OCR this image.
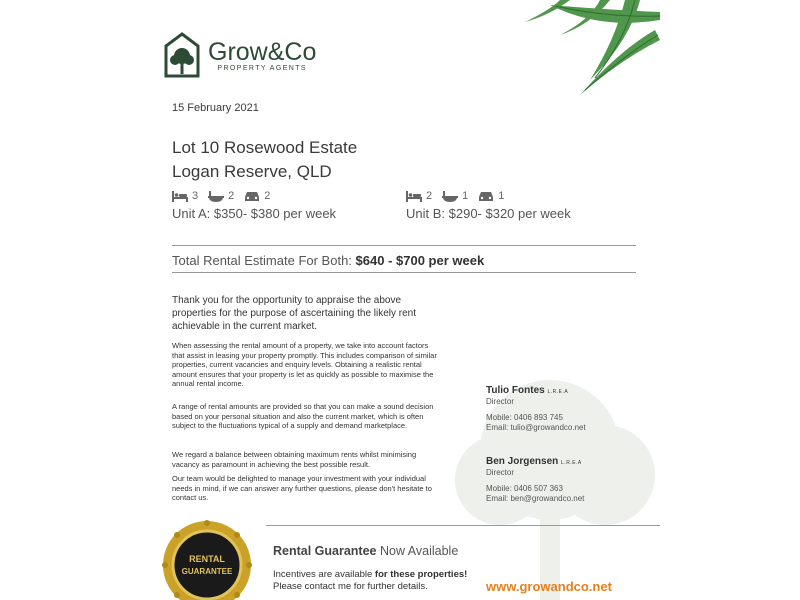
Grow&Co
PROPERTY AGENTS
15 February 2021
Lot 10 Rosewood Estate
Logan Reserve, QLD
3	2	2
Unit A: $350- $380 per week
2	1	1
Unit B: $290- $320 per week
Total Rental Estimate For Both: $640 - $700 per week
Thank you for the opportunity to appraise the above properties for the purpose of ascertaining the likely rent achievable in the current market.
When assessing the rental amount of a property, we take into account factors that assist in leasing your property promptly. This includes comparison of similar properties, current vacancies and enquiry levels. Obtaining a realistic rental amount ensures that your property is let as quickly as possible to maximise the annual rental income.
A range of rental amounts are provided so that you can make a sound decision based on your personal situation and also the current market, which is often subject to the fluctuations typical of a supply and demand marketplace.
We regard a balance between obtaining maximum rents whilst minimising vacancy as paramount in achieving the best possible result.
Our team would be delighted to manage your investment with your individual needs in mind, if we can answer any further questions, please don't hesitate to contact us.
Tulio Fontes L.R.E.A
Director
Mobile: 0406 893 745
Email: tulio@growandco.net
Ben Jorgensen L.R.E.A
Director
Mobile: 0406 507 363
Email: ben@growandco.net
RENTAL
GUARANTEE
Rental Guarantee Now Available
Incentives are available for these properties!
Please contact me for further details.	www.growandco.net
